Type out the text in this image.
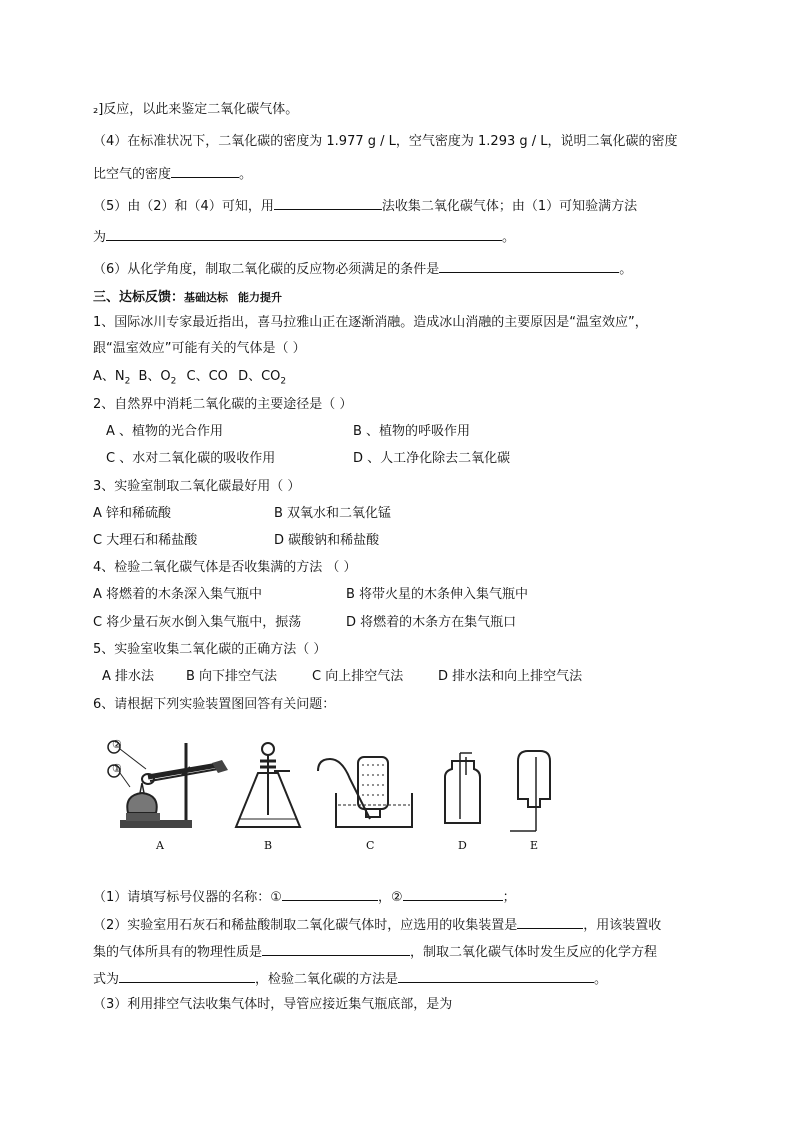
₂]反应，以此来鉴定二氧化碳气体。
（4）在标准状况下，二氧化碳的密度为 1.977 g / L，空气密度为 1.293 g / L，说明二氧化碳的密度
比空气的密度	。
（5）由（2）和（4）可知，用	法收集二氧化碳气体；由（1）可知验满方法
为	。
（6）从化学角度，制取二氧化碳的反应物必须满足的条件是	。
三、达标反馈：基础达标 能力提升
1、国际冰川专家最近指出，喜马拉雅山正在逐渐消融。造成冰山消融的主要原因是“温室效应”，
跟“温室效应”可能有关的气体是（ ）
A、$N_2$ B、$O_2$ C、CO D、$CO_2$
2、自然界中消耗二氧化碳的主要途径是（ ）
A 、植物的光合作用	B 、植物的呼吸作用
C 、水对二氧化碳的吸收作用	D 、人工净化除去二氧化碳
3、实验室制取二氧化碳最好用（ ）
A 锌和稀硫酸	B 双氧水和二氧化锰
C 大理石和稀盐酸	D 碳酸钠和稀盐酸
4、检验二氧化碳气体是否收集满的方法 （ ）
A 将燃着的木条深入集气瓶中	B 将带火星的木条伸入集气瓶中
C 将少量石灰水倒入集气瓶中，振荡	D 将燃着的木条方在集气瓶口
5、实验室收集二氧化碳的正确方法（ ）
A 排水法 B 向下排空气法	C 向上排空气法	D 排水法和向上排空气法
6、请根据下列实验装置图回答有关问题：
②
①
A	B	C	D	E
（1）请填写标号仪器的名称：①	，②	；
（2）实验室用石灰石和稀盐酸制取二氧化碳气体时，应选用的收集装置是	，用该装置收
集的气体所具有的物理性质是	，制取二氧化碳气体时发生反应的化学方程
式为	，检验二氧化碳的方法是	。
（3）利用排空气法收集气体时，导管应接近集气瓶底部，是为
